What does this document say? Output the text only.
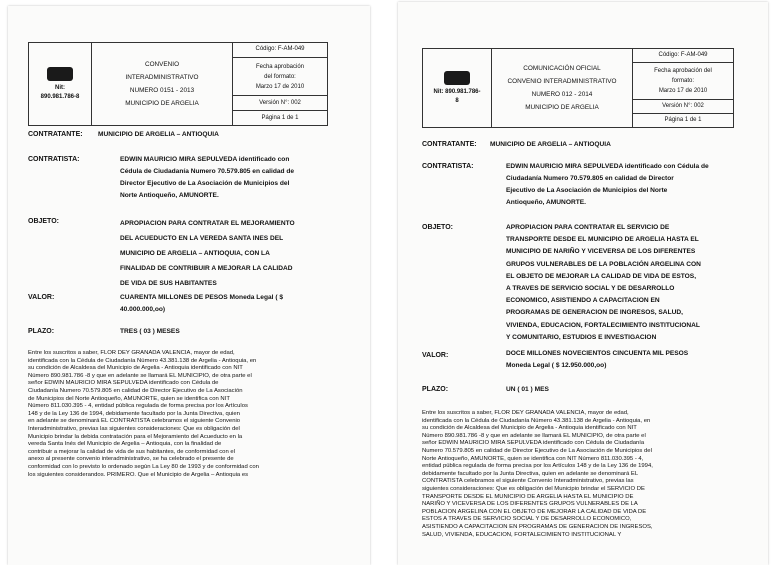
Nit:
890.981.786-8

CONVENIO
INTERADMINISTRATIVO
NUMERO 0151 - 2013
MUNICIPIO DE ARGELIA
	Código: F-AM-049

Fecha aprobación
del formato:
Marzo 17 de 2010

Versión N°: 002
Página 1 de 1
CONTRATANTE: MUNICIPIO DE ARGELIA – ANTIOQUIA
CONTRATISTA:	EDWIN MAURICIO MIRA SEPULVEDA identificado con
Cédula de Ciudadanía Numero 70.579.805 en calidad de
Director Ejecutivo de La Asociación de Municipios del
Norte Antioqueño, AMUNORTE.
OBJETO:	APROPIACION PARA CONTRATAR EL MEJORAMIENTO
DEL ACUEDUCTO EN LA VEREDA SANTA INES DEL
MUNICIPIO DE ARGELIA – ANTIOQUIA, CON LA
FINALIDAD DE CONTRIBUIR A MEJORAR LA CALIDAD
DE VIDA DE SUS HABITANTES
VALOR:	CUARENTA MILLONES DE PESOS Moneda Legal ( $
40.000.000,oo)
PLAZO:	TRES ( 03 ) MESES
Entre los suscritos a saber, FLOR DEY GRANADA VALENCIA, mayor de edad,
identificada con la Cédula de Ciudadanía Número 43.381.138 de Argelia - Antioquia, en
su condición de Alcaldesa del Municipio de Argelia - Antioquia identificado con NIT
Número 890.981.786 -8 y que en adelante se llamará EL MUNICIPIO, de otra parte el
señor EDWIN MAURICIO MIRA SEPULVEDA identificado con Cédula de
Ciudadanía Numero 70.579.805 en calidad de Director Ejecutivo de La Asociación
de Municipios del Norte Antioqueño, AMUNORTE, quien se identifica con NIT
Número 811.030.395 - 4, entidad pública regulada de forma precisa por los Artículos
148 y de la Ley 136 de 1994, debidamente facultado por la Junta Directiva, quien
en adelante se denominará EL CONTRATISTA celebramos el siguiente Convenio
Interadministrativo, previas las siguientes consideraciones: Que es obligación del
Municipio brindar la debida contratación para el Mejoramiento del Acueducto en la
vereda Santa Inés del Municipio de Argelia – Antioquia, con la finalidad de
contribuir a mejorar la calidad de vida de sus habitantes, de conformidad con el
anexo al presente convenio interadministrativo, se ha celebrado el presente de
conformidad con lo previsto lo ordenado según La Ley 80 de 1993 y de conformidad con
los siguientes considerandos. PRIMERO. Que el Municipio de Argelia – Antioquia es
Nit: 890.981.786-
8

COMUNICACIÓN OFICIAL
CONVENIO INTERADMINISTRATIVO
NUMERO 012 - 2014
MUNICIPIO DE ARGELIA
	Código: F-AM-049

Fecha aprobación del
formato:
Marzo 17 de 2010

Versión N°: 002
Página 1 de 1
CONTRATANTE: MUNICIPIO DE ARGELIA – ANTIOQUIA
CONTRATISTA:	EDWIN MAURICIO MIRA SEPULVEDA identificado con Cédula de
Ciudadanía Numero 70.579.805 en calidad de Director
Ejecutivo de La Asociación de Municipios del Norte
Antioqueño, AMUNORTE.
OBJETO:	APROPIACION PARA CONTRATAR EL SERVICIO DE
TRANSPORTE DESDE EL MUNICIPIO DE ARGELIA HASTA EL
MUNICIPIO DE NARIÑO Y VICEVERSA DE LOS DIFERENTES
GRUPOS VULNERABLES DE LA POBLACIÓN ARGELINA CON
EL OBJETO DE MEJORAR LA CALIDAD DE VIDA DE ESTOS,
A TRAVES DE SERVICIO SOCIAL Y DE DESARROLLO
ECONOMICO, ASISTIENDO A CAPACITACION EN
PROGRAMAS DE GENERACION DE INGRESOS, SALUD,
VIVIENDA, EDUCACION, FORTALECIMIENTO INSTITUCIONAL
Y COMUNITARIO, ESTUDIOS E INVESTIGACION
VALOR:	DOCE MILLONES NOVECIENTOS CINCUENTA MIL PESOS
Moneda Legal ( $ 12.950.000,oo)
PLAZO:	UN ( 01 ) MES
Entre los suscritos a saber, FLOR DEY GRANADA VALENCIA, mayor de edad,
identificada con la Cédula de Ciudadanía Número 43.381.138 de Argelia - Antioquia, en
su condición de Alcaldesa del Municipio de Argelia - Antioquia identificado con NIT
Número 890.981.786 -8 y que en adelante se llamará EL MUNICIPIO, de otra parte el
señor EDWIN MAURICIO MIRA SEPULVEDA identificado con Cédula de Ciudadanía
Numero 70.579.805 en calidad de Director Ejecutivo de La Asociación de Municipios del
Norte Antioqueño, AMUNORTE, quien se identifica con NIT Número 811.030.395 - 4,
entidad pública regulada de forma precisa por los Artículos 148 y de la Ley 136 de 1994,
debidamente facultado por la Junta Directiva, quien en adelante se denominará EL
CONTRATISTA celebramos el siguiente Convenio Interadministrativo, previas las
siguientes consideraciones: Que es obligación del Municipio brindar el SERVICIO DE
TRANSPORTE DESDE EL MUNICIPIO DE ARGELIA HASTA EL MUNICIPIO DE
NARIÑO Y VICEVERSA DE LOS DIFERENTES GRUPOS VULNERABLES DE LA
POBLACION ARGELINA CON EL OBJETO DE MEJORAR LA CALIDAD DE VIDA DE
ESTOS A TRAVES DE SERVICIO SOCIAL Y DE DESARROLLO ECONOMICO,
ASISTIENDO A CAPACITACION EN PROGRAMAS DE GENERACION DE INGRESOS,
SALUD, VIVIENDA, EDUCACION, FORTALECIMIENTO INSTITUCIONAL Y
